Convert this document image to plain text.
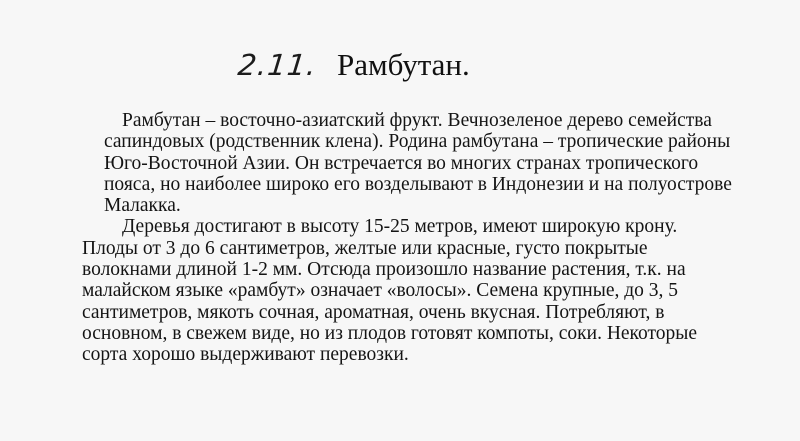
2.11. Рамбутан.
Рамбутан – восточно-азиатский фрукт. Вечнозеленое дерево семейства
сапиндовых (родственник клена). Родина рамбутана – тропические районы
Юго-Восточной Азии. Он встречается во многих странах тропического
пояса, но наиболее широко его возделывают в Индонезии и на полуострове
Малакка.
Деревья достигают в высоту 15-25 метров, имеют широкую крону.
Плоды от 3 до 6 сантиметров, желтые или красные, густо покрытые
волокнами длиной 1-2 мм. Отсюда произошло название растения, т.к. на
малайском языке «рамбут» означает «волосы». Семена крупные, до 3, 5
сантиметров, мякоть сочная, ароматная, очень вкусная. Потребляют, в
основном, в свежем виде, но из плодов готовят компоты, соки. Некоторые
сорта хорошо выдерживают перевозки.
